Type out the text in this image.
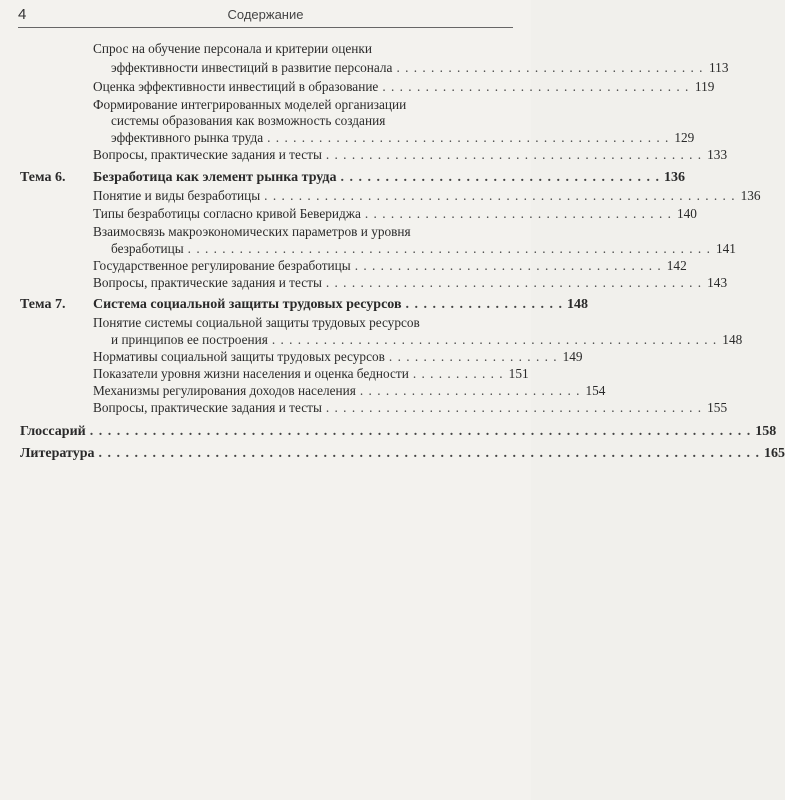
4	Содержание
Спрос на обучение персонала и критерии оценки
эффективности инвестиций в развитие персонала . . . . . . . . . . . . . . . . . . . . . . . . . . . . . . . . . . . . 113
Оценка эффективности инвестиций в образование . . . . . . . . . . . . . . . . . . . . . . . . . . . . . . . . . . . . 119
Формирование интегрированных моделей организации
системы образования как возможность создания
эффективного рынка труда . . . . . . . . . . . . . . . . . . . . . . . . . . . . . . . . . . . . . . . . . . . . . . . 129
Вопросы, практические задания и тесты . . . . . . . . . . . . . . . . . . . . . . . . . . . . . . . . . . . . . . . . . . . . 133
Тема 6. Безработица как элемент рынка труда . . . . . . . . . . . . . . . . . . . . . . . . . . . . . . . . . . . . 136
Понятие и виды безработицы . . . . . . . . . . . . . . . . . . . . . . . . . . . . . . . . . . . . . . . . . . . . . . . . . . . . . . . 136
Типы безработицы согласно кривой Бевериджа . . . . . . . . . . . . . . . . . . . . . . . . . . . . . . . . . . . . 140
Взаимосвязь макроэкономических параметров и уровня
безработицы . . . . . . . . . . . . . . . . . . . . . . . . . . . . . . . . . . . . . . . . . . . . . . . . . . . . . . . . . . . . . 141
Государственное регулирование безработицы . . . . . . . . . . . . . . . . . . . . . . . . . . . . . . . . . . . . 142
Вопросы, практические задания и тесты . . . . . . . . . . . . . . . . . . . . . . . . . . . . . . . . . . . . . . . . . . . . 143
Тема 7. Система социальной защиты трудовых ресурсов . . . . . . . . . . . . . . . . . . 148
Понятие системы социальной защиты трудовых ресурсов
и принципов ее построения . . . . . . . . . . . . . . . . . . . . . . . . . . . . . . . . . . . . . . . . . . . . . . . . . . . . 148
Нормативы социальной защиты трудовых ресурсов . . . . . . . . . . . . . . . . . . . . 149
Показатели уровня жизни населения и оценка бедности . . . . . . . . . . . 151
Механизмы регулирования доходов населения . . . . . . . . . . . . . . . . . . . . . . . . . . 154
Вопросы, практические задания и тесты . . . . . . . . . . . . . . . . . . . . . . . . . . . . . . . . . . . . . . . . . . . . 155
Глоссарий . . . . . . . . . . . . . . . . . . . . . . . . . . . . . . . . . . . . . . . . . . . . . . . . . . . . . . . . . . . . . . . . . . . . . . . . . . 158
Литература . . . . . . . . . . . . . . . . . . . . . . . . . . . . . . . . . . . . . . . . . . . . . . . . . . . . . . . . . . . . . . . . . . . . . . . . . . 165
